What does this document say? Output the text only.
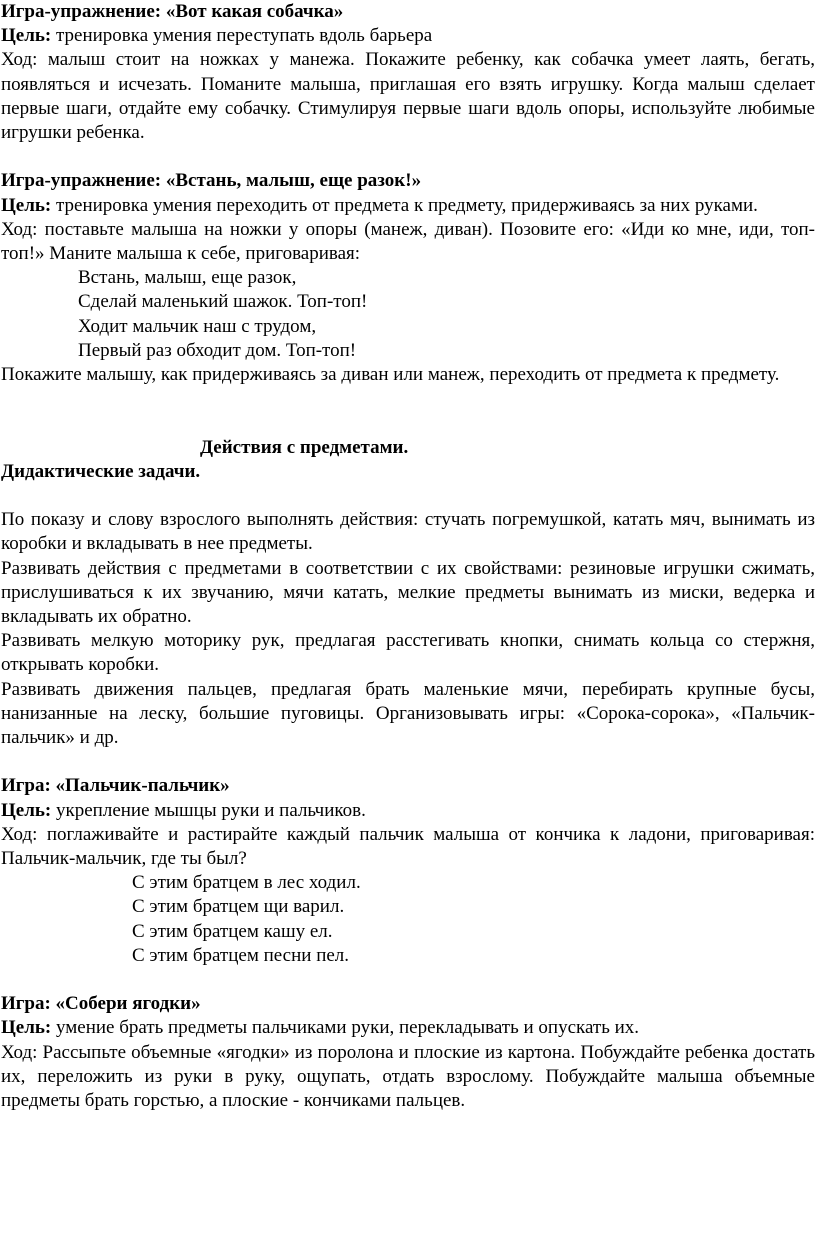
Игра-упражнение: «Вот какая собачка»

Цель: тренировка умения переступать вдоль барьера

Ход: малыш стоит на ножках у манежа. Покажите ребенку, как собачка умеет лаять, бегать, появляться и исчезать. Поманите малыша, приглашая его взять игрушку. Когда малыш сделает первые шаги, отдайте ему собачку. Стимулируя первые шаги вдоль опоры, используйте любимые игрушки ребенка.

Игра-упражнение: «Встань, малыш, еще разок!»

Цель: тренировка умения переходить от предмета к предмету, придерживаясь за них руками.

Ход: поставьте малыша на ножки у опоры (манеж, диван). Позовите его: «Иди ко мне, иди, топ-топ!» Маните малыша к себе, приговаривая:

Встань, малыш, еще разок,

Сделай маленький шажок. Топ-топ!

Ходит мальчик наш с трудом,

Первый раз обходит дом. Топ-топ!

Покажите малышу, как придерживаясь за диван или манеж, переходить от предмета к предмету.

Действия с предметами.

Дидактические задачи.

По показу и слову взрослого выполнять действия: стучать погремушкой, катать мяч, вынимать из коробки и вкладывать в нее предметы.

Развивать действия с предметами в соответствии с их свойствами: резиновые игрушки сжимать, прислушиваться к их звучанию, мячи катать, мелкие предметы вынимать из миски, ведерка и вкладывать их обратно.

Развивать мелкую моторику рук, предлагая расстегивать кнопки, снимать кольца со стержня, открывать коробки.

Развивать движения пальцев, предлагая брать маленькие мячи, перебирать крупные бусы, нанизанные на леску, большие пуговицы. Организовывать игры: «Сорока-сорока», «Пальчик-пальчик» и др.

Игра: «Пальчик-пальчик»

Цель: укрепление мышцы руки и пальчиков.

Ход: поглаживайте и растирайте каждый пальчик малыша от кончика к ладони, приговаривая: Пальчик-мальчик, где ты был?

С этим братцем в лес ходил.

С этим братцем щи варил.

С этим братцем кашу ел.

С этим братцем песни пел.

Игра: «Собери ягодки»

Цель: умение брать предметы пальчиками руки, перекладывать и опускать их.

Ход: Рассыпьте объемные «ягодки» из поролона и плоские из картона. Побуждайте ребенка достать их, переложить из руки в руку, ощупать, отдать взрослому. Побуждайте малыша объемные предметы брать горстью, а плоские - кончиками пальцев.
